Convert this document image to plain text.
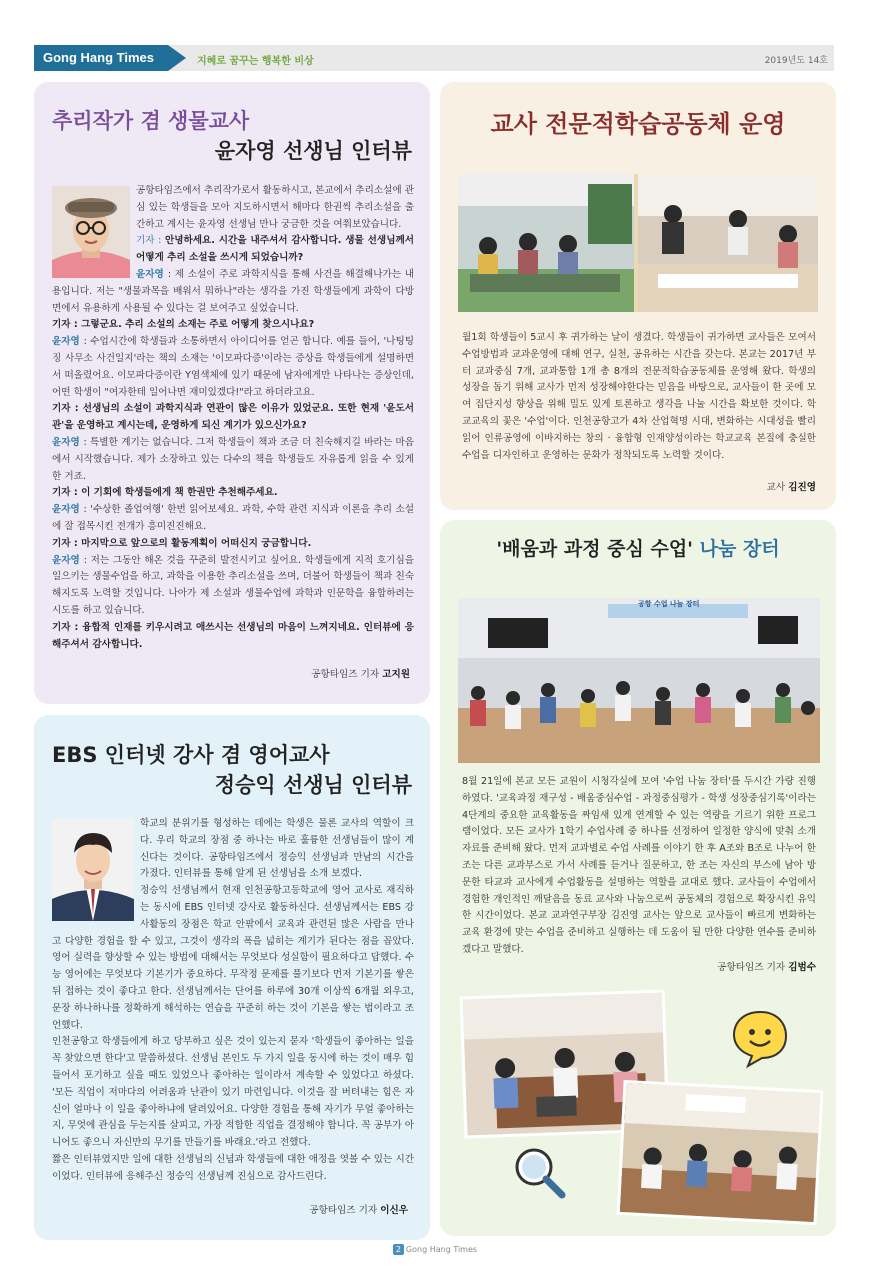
Gong Hang Times	지혜로 꿈꾸는 행복한 비상	2019년도 14호
추리작가 겸 생물교사
윤자영 선생님 인터뷰

공항타임즈에서 추리작가로서 활동하시고, 본교에서 추리소설에 관심 있는 학생들을 모아 지도하시면서 해마다 한권씩 추리소설을 출간하고 계시는 윤자영 선생님 만나 궁금한 것을 여쭤보았습니다.

기자 : 안녕하세요. 시간을 내주셔서 감사합니다. 생물 선생님께서 어떻게 추리 소설을 쓰시게 되었습니까?

윤자영 : 제 소설이 주로 과학지식을 통해 사건을 해결해나가는 내용입니다. 저는 "생물과목을 배워서 뭐하나"라는 생각을 가진 학생들에게 과학이 다방면에서 유용하게 사용될 수 있다는 걸 보여주고 싶었습니다.

기자 : 그렇군요. 추리 소설의 소재는 주로 어떻게 찾으시나요?

윤자영 : 수업시간에 학생들과 소통하면서 아이디어를 얻곤 합니다. 예를 들어, '나팅팅징 사무소 사건일지'라는 책의 소재는 '이모파다증'이라는 증상을 학생들에게 설명하면서 떠올렸어요. 이모파다증이란 Y염색체에 있기 때문에 남자에게만 나타나는 증상인데, 어떤 학생이 "여자한테 일어나면 재미있겠다!"라고 하더라고요.

기자 : 선생님의 소설이 과학지식과 연관이 많은 이유가 있었군요. 또한 현재 '윤도서관'을 운영하고 계시는데, 운영하게 되신 계기가 있으신가요?

윤자영 : 특별한 계기는 없습니다. 그저 학생들이 책과 조금 더 친숙해지길 바라는 마음에서 시작했습니다. 제가 소장하고 있는 다수의 책을 학생들도 자유롭게 읽을 수 있게 한 거죠.

기자 : 이 기회에 학생들에게 책 한권만 추천해주세요.

윤자영 : '수상한 졸업여행' 한번 읽어보세요. 과학, 수학 관련 지식과 이론을 추리 소설에 잘 접목시킨 전개가 흥미진진해요.

기자 : 마지막으로 앞으로의 활동계획이 어떠신지 궁금합니다.

윤자영 : 저는 그동안 해온 것을 꾸준히 발전시키고 싶어요. 학생들에게 지적 호기심을 일으키는 생물수업을 하고, 과학을 이용한 추리소설을 쓰며, 더불어 학생들이 책과 친숙해지도록 노력할 것입니다. 나아가 제 소설과 생물수업에 과학과 인문학을 융합하려는 시도를 하고 있습니다.

기자 : 융합적 인재를 키우시려고 애쓰시는 선생님의 마음이 느껴지네요. 인터뷰에 응해주셔서 감사합니다.

공항타임즈 기자 고지원
EBS 인터넷 강사 겸 영어교사
정승익 선생님 인터뷰

학교의 분위기를 형성하는 데에는 학생은 물론 교사의 역할이 크다. 우리 학교의 장점 중 하나는 바로 훌륭한 선생님들이 많이 계신다는 것이다. 공항타임즈에서 정승익 선생님과 만남의 시간을 가졌다. 인터뷰를 통해 알게 된 선생님을 소개 보겠다.

정승익 선생님께서 현재 인천공항고등학교에 영어 교사로 재직하는 동시에 EBS 인터넷 강사로 활동하신다. 선생님께서는 EBS 강사활동의 장점은 학교 안팎에서 교육과 관련된 많은 사람을 만나고 다양한 경험을 할 수 있고, 그것이 생각의 폭을 넓히는 계기가 된다는 점을 꼽았다. 영어 실력을 향상할 수 있는 방법에 대해서는 무엇보다 성실함이 필요하다고 답했다. 수능 영어에는 무엇보다 기본기가 중요하다. 무작정 문제를 풀기보다 먼저 기본기를 쌓은 뒤 접하는 것이 좋다고 한다. 선생님께서는 단어를 하루에 30개 이상씩 6개월 외우고, 문장 하나하나를 정확하게 해석하는 연습을 꾸준히 하는 것이 기본을 쌓는 법이라고 조언했다.

인천공항고 학생들에게 하고 당부하고 싶은 것이 있는지 묻자 '학생들이 좋아하는 일을 꼭 찾았으면 한다'고 말씀하셨다. 선생님 본인도 두 가지 일을 동시에 하는 것이 매우 힘들어서 포기하고 싶을 때도 있었으나 좋아하는 일이라서 계속할 수 있었다고 하셨다. '모든 직업이 저마다의 어려움과 난관이 있기 마련입니다. 이것을 잘 버텨내는 힘은 자신이 얼마나 이 일을 좋아하냐에 달려있어요. 다양한 경험을 통해 자기가 무얼 좋아하는지, 무엇에 관심을 두는지를 살피고, 가장 적합한 직업을 결정해야 합니다. 꼭 공부가 아니어도 좋으니 자신만의 무기를 만들기를 바래요.'라고 전했다.

짧은 인터뷰였지만 일에 대한 선생님의 신념과 학생들에 대한 애정을 엿볼 수 있는 시간이었다. 인터뷰에 응해주신 정승익 선생님께 진심으로 감사드린다.

공항타임즈 기자 이신우
교사 전문적학습공동체 운영

월1회 학생들이 5교시 후 귀가하는 날이 생겼다. 학생들이 귀가하면 교사들은 모여서 수업방법과 교과운영에 대해 연구, 실천, 공유하는 시간을 갖는다. 본교는 2017년 부터 교과중심 7개, 교과통합 1개 총 8개의 전문적학습공동체를 운영해 왔다. 학생의 성장을 돕기 위해 교사가 먼저 성장해야한다는 믿음을 바탕으로, 교사들이 한 곳에 모여 집단지성 향상을 위해 밀도 있게 토론하고 생각을 나눌 시간을 확보한 것이다. 학교교육의 꽃은 '수업'이다. 인천공항고가 4차 산업혁명 시대, 변화하는 시대성을 빨리 읽어 인류공영에 이바지하는 창의 · 융합형 인재양성이라는 학교교육 본질에 충실한 수업을 디자인하고 운영하는 문화가 정착되도록 노력할 것이다.

교사 김진영
'배움과 과정 중심 수업' 나눔 장터
공항 수업 나눔 장터

8월 21일에 본교 모든 교원이 시청각실에 모여 '수업 나눔 장터'를 두시간 가량 진행하였다. '교육과정 재구성 - 배움중심수업 - 과정중심평가 - 학생 성장중심기록'이라는 4단계의 중요한 교육활동을 짜임새 있게 연계할 수 있는 역량을 기르기 위한 프로그램이었다. 모든 교사가 1학기 수업사례 중 하나를 선정하여 일정한 양식에 맞춰 소개자료를 준비해 왔다. 먼저 교과별로 수업 사례를 이야기 한 후 A조와 B조로 나누어 한 조는 다른 교과부스로 가서 사례를 듣거나 질문하고, 한 조는 자신의 부스에 남아 방문한 타교과 교사에게 수업활동을 설명하는 역할을 교대로 했다. 교사들이 수업에서 경험한 개인적인 깨달음을 동료 교사와 나눔으로써 공동체의 경험으로 확장시킨 유익한 시간이었다. 본교 교과연구부장 김진영 교사는 앞으로 교사들이 빠르게 변화하는 교육 환경에 맞는 수업을 준비하고 실행하는 데 도움이 될 만한 다양한 연수를 준비하겠다고 말했다.

공항타임즈 기자 김범수
2 Gong Hang Times
